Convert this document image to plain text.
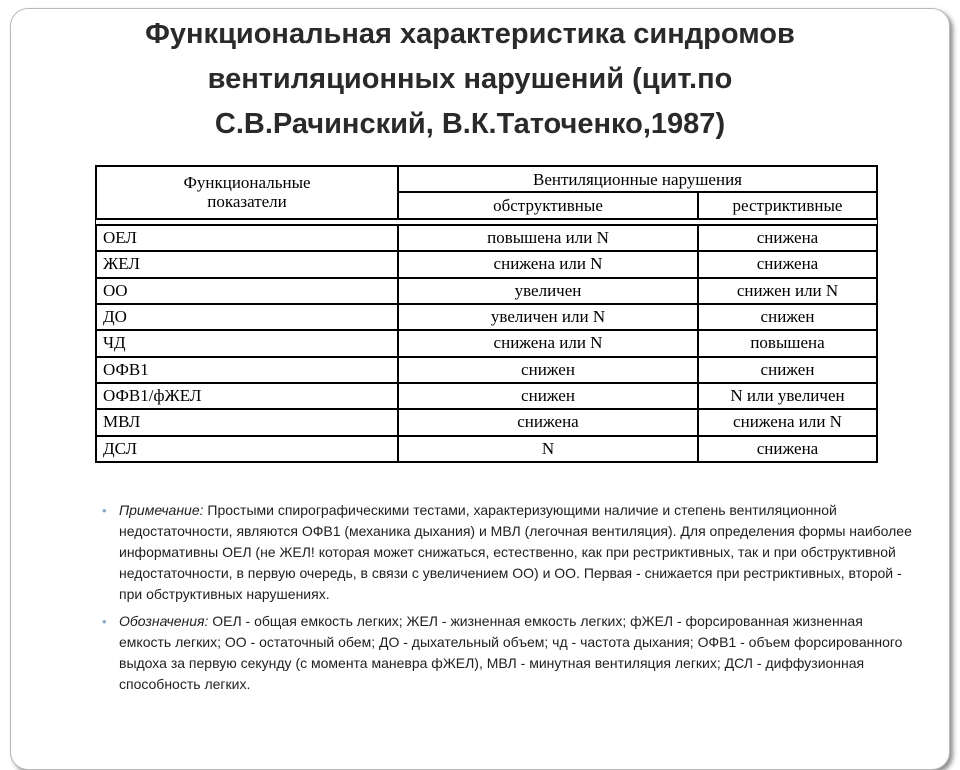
Функциональная характеристика синдромов
вентиляционных нарушений (цит.по
С.В.Рачинский, В.К.Таточенко,1987)
Функциональные
показатели	Вентиляционные нарушения	
	обструктивные	рестриктивные

ОЕЛ	повышена или N	снижена
ЖЕЛ	снижена или N	снижена
ОО	увеличен	снижен или N
ДО	увеличен или N	снижен
ЧД	снижена или N	повышена
ОФВ1	снижен	снижен
ОФВ1/фЖЕЛ	снижен	N или увеличен
МВЛ	снижена	снижена или N
ДСЛ	N	снижена

• Примечание: Простыми спирографическими тестами, характеризующими наличие и степень вентиляционной недостаточности, являются ОФВ1 (механика дыхания) и МВЛ (легочная вентиляция). Для определения формы наиболее информативны ОЕЛ (не ЖЕЛ! которая может снижаться, естественно, как при рестриктивных, так и при обструктивной недостаточности, в первую очередь, в связи с увеличением ОО) и ОО. Первая - снижается при рестриктивных, второй - при обструктивных нарушениях.

• Обозначения: ОЕЛ - общая емкость легких; ЖЕЛ - жизненная емкость легких; фЖЕЛ - форсированная жизненная емкость легких; ОО - остаточный обем; ДО - дыхательный объем; чд - частота дыхания; ОФВ1 - объем форсированного выдоха за первую секунду (с момента маневра фЖЕЛ), МВЛ - минутная вентиляция легких; ДСЛ - диффузионная способность легких.
